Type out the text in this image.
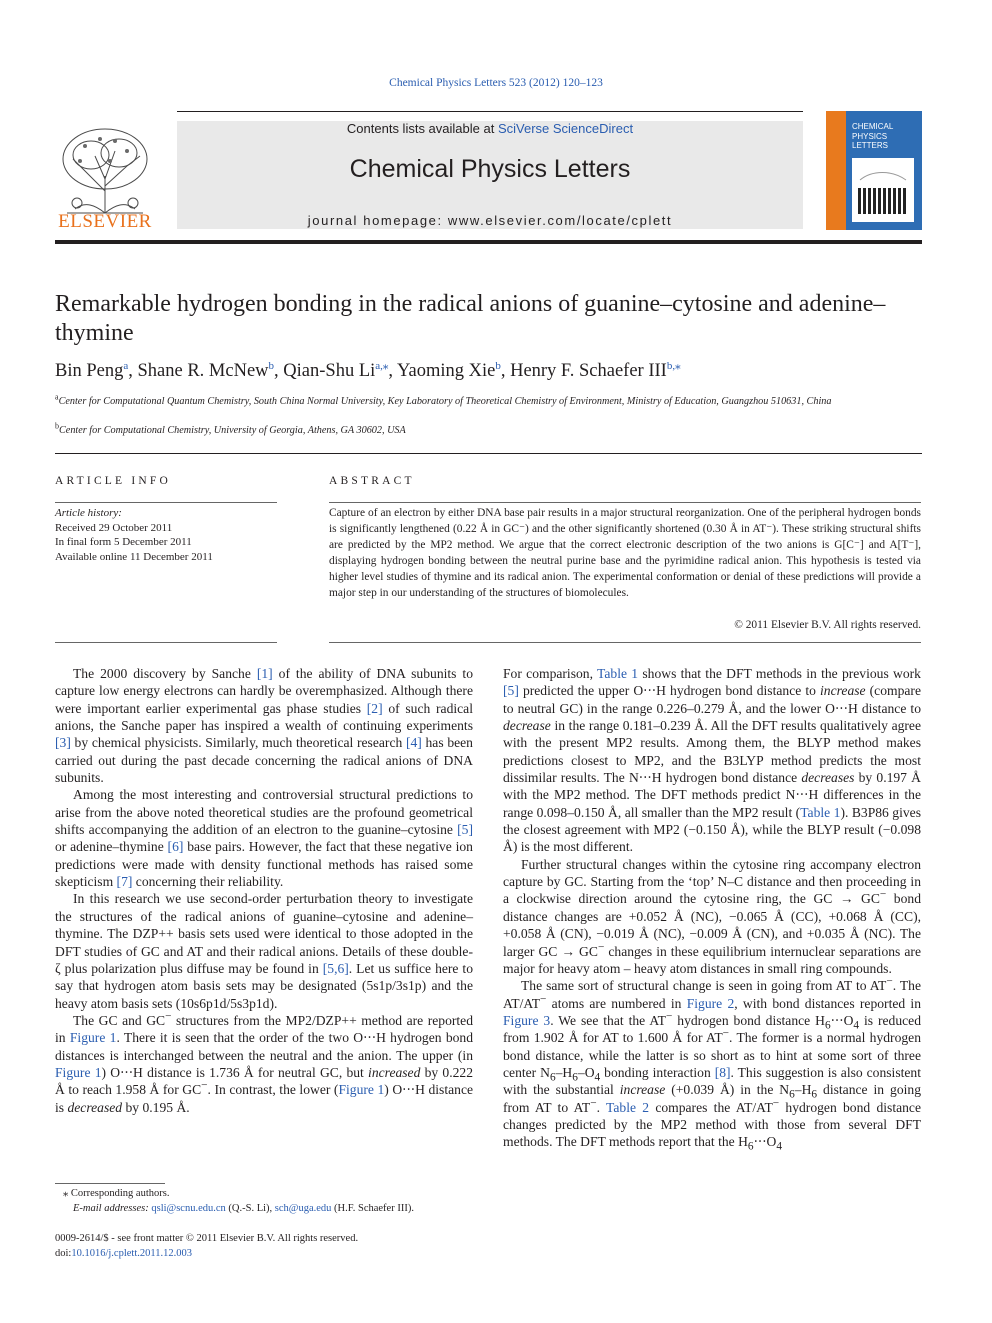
Chemical Physics Letters 523 (2012) 120–123
ELSEVIER
Contents lists available at SciVerse ScienceDirect
Chemical Physics Letters
journal homepage: www.elsevier.com/locate/cplett
CHEMICAL
PHYSICS
LETTERS
Remarkable hydrogen bonding in the radical anions of guanine–cytosine and adenine–thymine
Bin Peng$^a$, Shane R. McNew$^b$, Qian-Shu $Li^{a,⁎}$, Yaoming Xie$^b$, Henry F. Schaefer $III^{b,⁎}$
$^a$Center for Computational Quantum Chemistry, South China Normal University, Key Laboratory of Theoretical Chemistry of Environment, Ministry of Education, Guangzhou 510631, China
$^b$Center for Computational Chemistry, University of Georgia, Athens, GA 30602, USA
ARTICLE INFO
Article history:
Received 29 October 2011
In final form 5 December 2011
Available online 11 December 2011
ABSTRACT
Capture of an electron by either DNA base pair results in a major structural reorganization. One of the peripheral hydrogen bonds is significantly lengthened (0.22 Å in GC⁻) and the other significantly shortened (0.30 Å in AT⁻). These striking structural shifts are predicted by the MP2 method. We argue that the correct electronic description of the two anions is G[C⁻] and A[T⁻], displaying hydrogen bonding between the neutral purine base and the pyrimidine radical anion. This hypothesis is tested via higher level studies of thymine and its radical anion. The experimental conformation or denial of these predictions will provide a major step in our understanding of the structures of biomolecules.
© 2011 Elsevier B.V. All rights reserved.

The 2000 discovery by Sanche [1] of the ability of DNA subunits to capture low energy electrons can hardly be overemphasized. Although there were important earlier experimental gas phase studies [2] of such radical anions, the Sanche paper has inspired a wealth of continuing experiments [3] by chemical physicists. Similarly, much theoretical research [4] has been carried out during the past decade concerning the radical anions of DNA subunits.

Among the most interesting and controversial structural predictions to arise from the above noted theoretical studies are the profound geometrical shifts accompanying the addition of an electron to the guanine–cytosine [5] or adenine–thymine [6] base pairs. However, the fact that these negative ion predictions were made with density functional methods has raised some skepticism [7] concerning their reliability.

In this research we use second-order perturbation theory to investigate the structures of the radical anions of guanine–cytosine and adenine–thymine. The DZP++ basis sets used were identical to those adopted in the DFT studies of GC and AT and their radical anions. Details of these double-ζ plus polarization plus diffuse may be found in [5,6]. Let us suffice here to say that hydrogen atom basis sets may be designated (5s1p/3s1p) and the heavy atom basis sets (10s6p1d/5s3p1d).

The GC and GC− structures from the MP2/DZP++ method are reported in Figure 1. There it is seen that the order of the two O‧‧‧H hydrogen bond distances is interchanged between the neutral and the anion. The upper (in Figure 1) O‧‧‧H distance is 1.736 Å for neutral GC, but increased by 0.222 Å to reach 1.958 Å for GC−. In contrast, the lower (Figure 1) O‧‧‧H distance is decreased by 0.195 Å.

For comparison, Table 1 shows that the DFT methods in the previous work [5] predicted the upper O‧‧‧H hydrogen bond distance to increase (compare to neutral GC) in the range 0.226–0.279 Å, and the lower O‧‧‧H distance to decrease in the range 0.181–0.239 Å. All the DFT results qualitatively agree with the present MP2 results. Among them, the BLYP method makes predictions closest to MP2, and the B3LYP method predicts the most dissimilar results. The N‧‧‧H hydrogen bond distance decreases by 0.197 Å with the MP2 method. The DFT methods predict N‧‧‧H differences in the range 0.098–0.150 Å, all smaller than the MP2 result (Table 1). B3P86 gives the closest agreement with MP2 (−0.150 Å), while the BLYP result (−0.098 Å) is the most different.

Further structural changes within the cytosine ring accompany electron capture by GC. Starting from the ‘top’ N–C distance and then proceeding in a clockwise direction around the cytosine ring, the GC → GC− bond distance changes are +0.052 Å (NC), −0.065 Å (CC), +0.068 Å (CC), +0.058 Å (CN), −0.019 Å (NC), −0.009 Å (CN), and +0.035 Å (NC). The larger GC → GC− changes in these equilibrium internuclear separations are major for heavy atom – heavy atom distances in small ring compounds.

The same sort of structural change is seen in going from AT to AT−. The AT/AT− atoms are numbered in Figure 2, with bond distances reported in Figure 3. We see that the AT− hydrogen bond distance $H_6‧‧‧O_4$ is reduced from 1.902 Å for AT to 1.600 Å for AT−. The former is a normal hydrogen bond distance, while the latter is so short as to hint at some sort of three center $N_6-H_6-O_4$ bonding interaction [8]. This suggestion is also consistent with the substantial increase (+0.039 Å) in the $N_6-H_6$ distance in going from AT to AT−. Table 2 compares the AT/AT− hydrogen bond distance changes predicted by the MP2 method with those from several DFT methods. The DFT methods report that the $H_6‧‧‧O_4$

⁎ Corresponding authors.
E-mail addresses: qsli@scnu.edu.cn (Q.-S. Li), sch@uga.edu (H.F. Schaefer III).
0009-2614/$ - see front matter © 2011 Elsevier B.V. All rights reserved.
doi:10.1016/j.cplett.2011.12.003
